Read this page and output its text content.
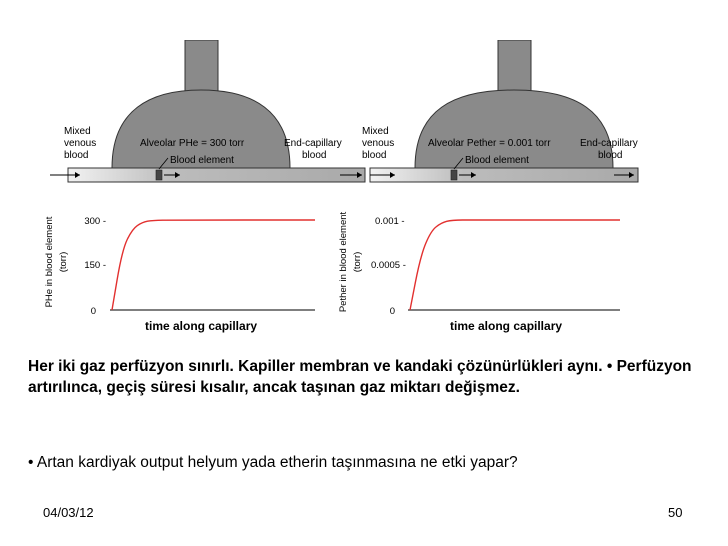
Mixed venous blood
Alveolar PHe = 300 torr
Blood element
End-capillary blood
Mixed venous blood
Alveolar Pether = 0.001 torr
Blood element
End-capillary blood
PHe in blood element (torr)
300 -
150 -
0
time along capillary
Pether in blood element (torr)
0.001 -
0.0005 -
0
time along capillary
Her iki gaz perfüzyon sınırlı. Kapiller membran ve kandaki çözünürlükleri aynı. • Perfüzyon artırılınca, geçiş süresi kısalır, ancak taşınan gaz miktarı değişmez.
• Artan kardiyak output helyum yada etherin taşınmasına ne etki yapar?
04/03/12	50
